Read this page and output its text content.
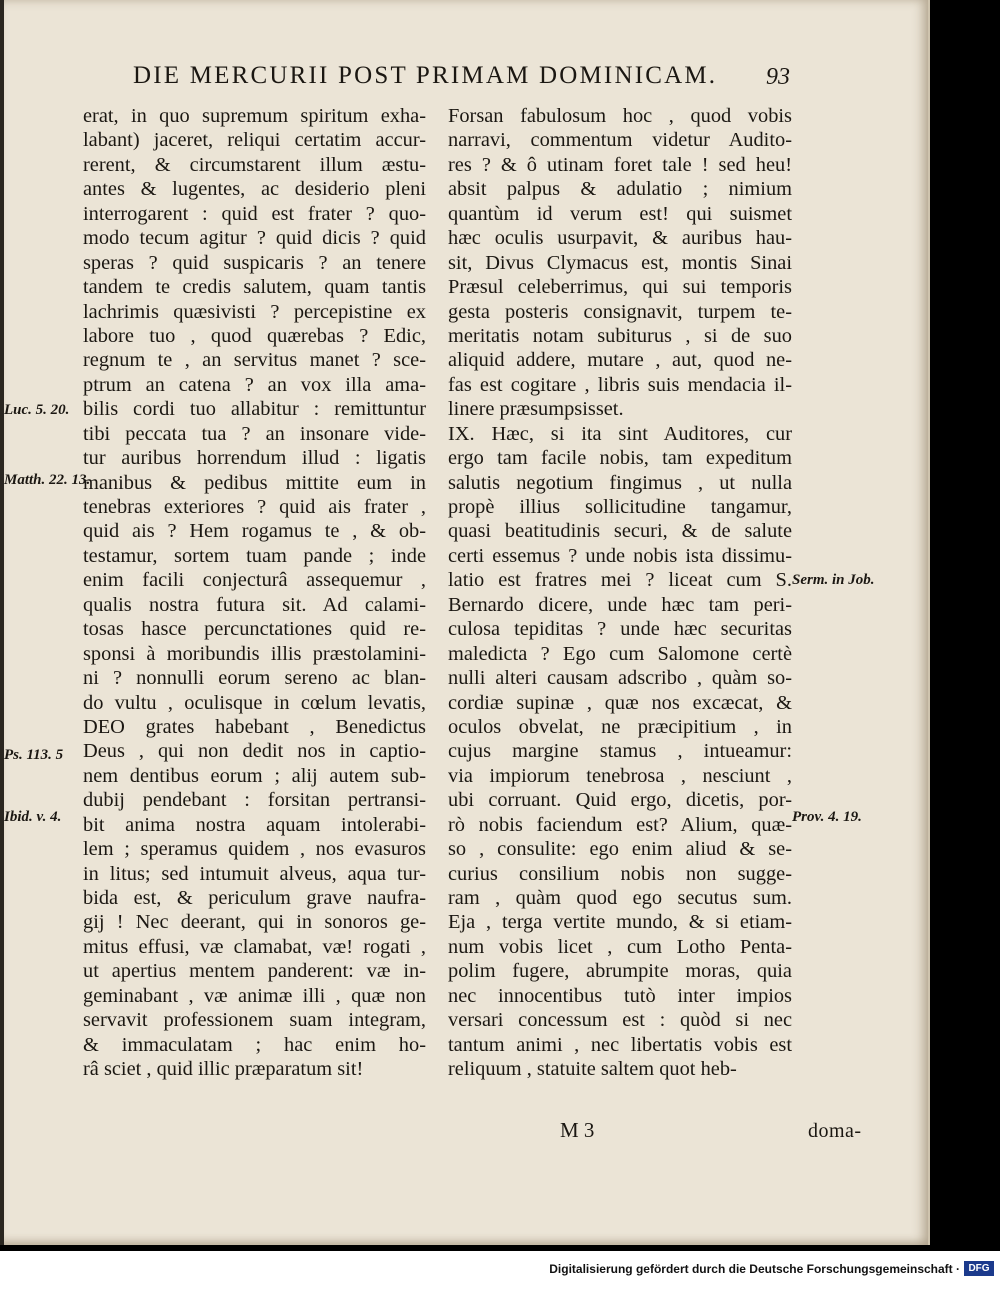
DIE MERCURII POST PRIMAM DOMINICAM.	93
erat, in quo supremum spiritum exha-
labant) jaceret, reliqui certatim accur-
rerent, & circumstarent illum æstu-
antes & lugentes, ac desiderio pleni
interrogarent : quid est frater ? quo-
modo tecum agitur ? quid dicis ? quid
speras ? quid suspicaris ? an tenere
tandem te credis salutem, quam tantis
lachrimis quæsivisti ? percepistine ex
labore tuo , quod quærebas ? Edic,
regnum te , an servitus manet ? sce-
ptrum an catena ? an vox illa ama-
bilis cordi tuo allabitur : remittuntur
tibi peccata tua ? an insonare vide-
tur auribus horrendum illud : ligatis
manibus & pedibus mittite eum in
tenebras exteriores ? quid ais frater ,
quid ais ? Hem rogamus te , & ob-
testamur, sortem tuam pande ; inde
enim facili conjecturâ assequemur ,
qualis nostra futura sit. Ad calami-
tosas hasce percunctationes quid re-
sponsi à moribundis illis præstolamini-
ni ? nonnulli eorum sereno ac blan-
do vultu , oculisque in cœlum levatis,
DEO grates habebant , Benedictus
Deus , qui non dedit nos in captio-
nem dentibus eorum ; alij autem sub-
dubij pendebant : forsitan pertransi-
bit anima nostra aquam intolerabi-
lem ; speramus quidem , nos evasuros
in litus; sed intumuit alveus, aqua tur-
bida est, & periculum grave naufra-
gij ! Nec deerant, qui in sonoros ge-
mitus effusi, væ clamabat, væ! rogati ,
ut apertius mentem panderent: væ in-
geminabant , væ animæ illi , quæ non
servavit professionem suam integram,
& immaculatam ; hac enim ho-
râ sciet , quid illic præparatum sit!
Forsan fabulosum hoc , quod vobis
narravi, commentum videtur Audito-
res ? & ô utinam foret tale ! sed heu!
absit palpus & adulatio ; nimium
quantùm id verum est! qui suismet
hæc oculis usurpavit, & auribus hau-
sit, Divus Clymacus est, montis Sinai
Præsul celeberrimus, qui sui temporis
gesta posteris consignavit, turpem te-
meritatis notam subiturus , si de suo
aliquid addere, mutare , aut, quod ne-
fas est cogitare , libris suis mendacia il-
linere præsumpsisset.
IX. Hæc, si ita sint Auditores, cur
ergo tam facile nobis, tam expeditum
salutis negotium fingimus , ut nulla
propè illius sollicitudine tangamur,
quasi beatitudinis securi, & de salute
certi essemus ? unde nobis ista dissimu-
latio est fratres mei ? liceat cum S.
Bernardo dicere, unde hæc tam peri-
culosa tepiditas ? unde hæc securitas
maledicta ? Ego cum Salomone certè
nulli alteri causam adscribo , quàm so-
cordiæ supinæ , quæ nos excæcat, &
oculos obvelat, ne præcipitium , in
cujus margine stamus , intueamur:
via impiorum tenebrosa , nesciunt ,
ubi corruant. Quid ergo, dicetis, por-
rò nobis faciendum est? Alium, quæ-
so , consulite: ego enim aliud & se-
curius consilium nobis non sugge-
ram , quàm quod ego secutus sum.
Eja , terga vertite mundo, & si etiam-
num vobis licet , cum Lotho Penta-
polim fugere, abrumpite moras, quia
nec innocentibus tutò inter impios
versari concessum est : quòd si nec
tantum animi , nec libertatis vobis est
reliquum , statuite saltem quot heb-
Luc. 5. 20.
Matth. 22. 13.
Ps. 113. 5
Ibid. v. 4.
Serm. in Job.
Prov. 4. 19.
M 3	doma-
Digitalisierung gefördert durch die Deutsche Forschungsgemeinschaft · DFG
